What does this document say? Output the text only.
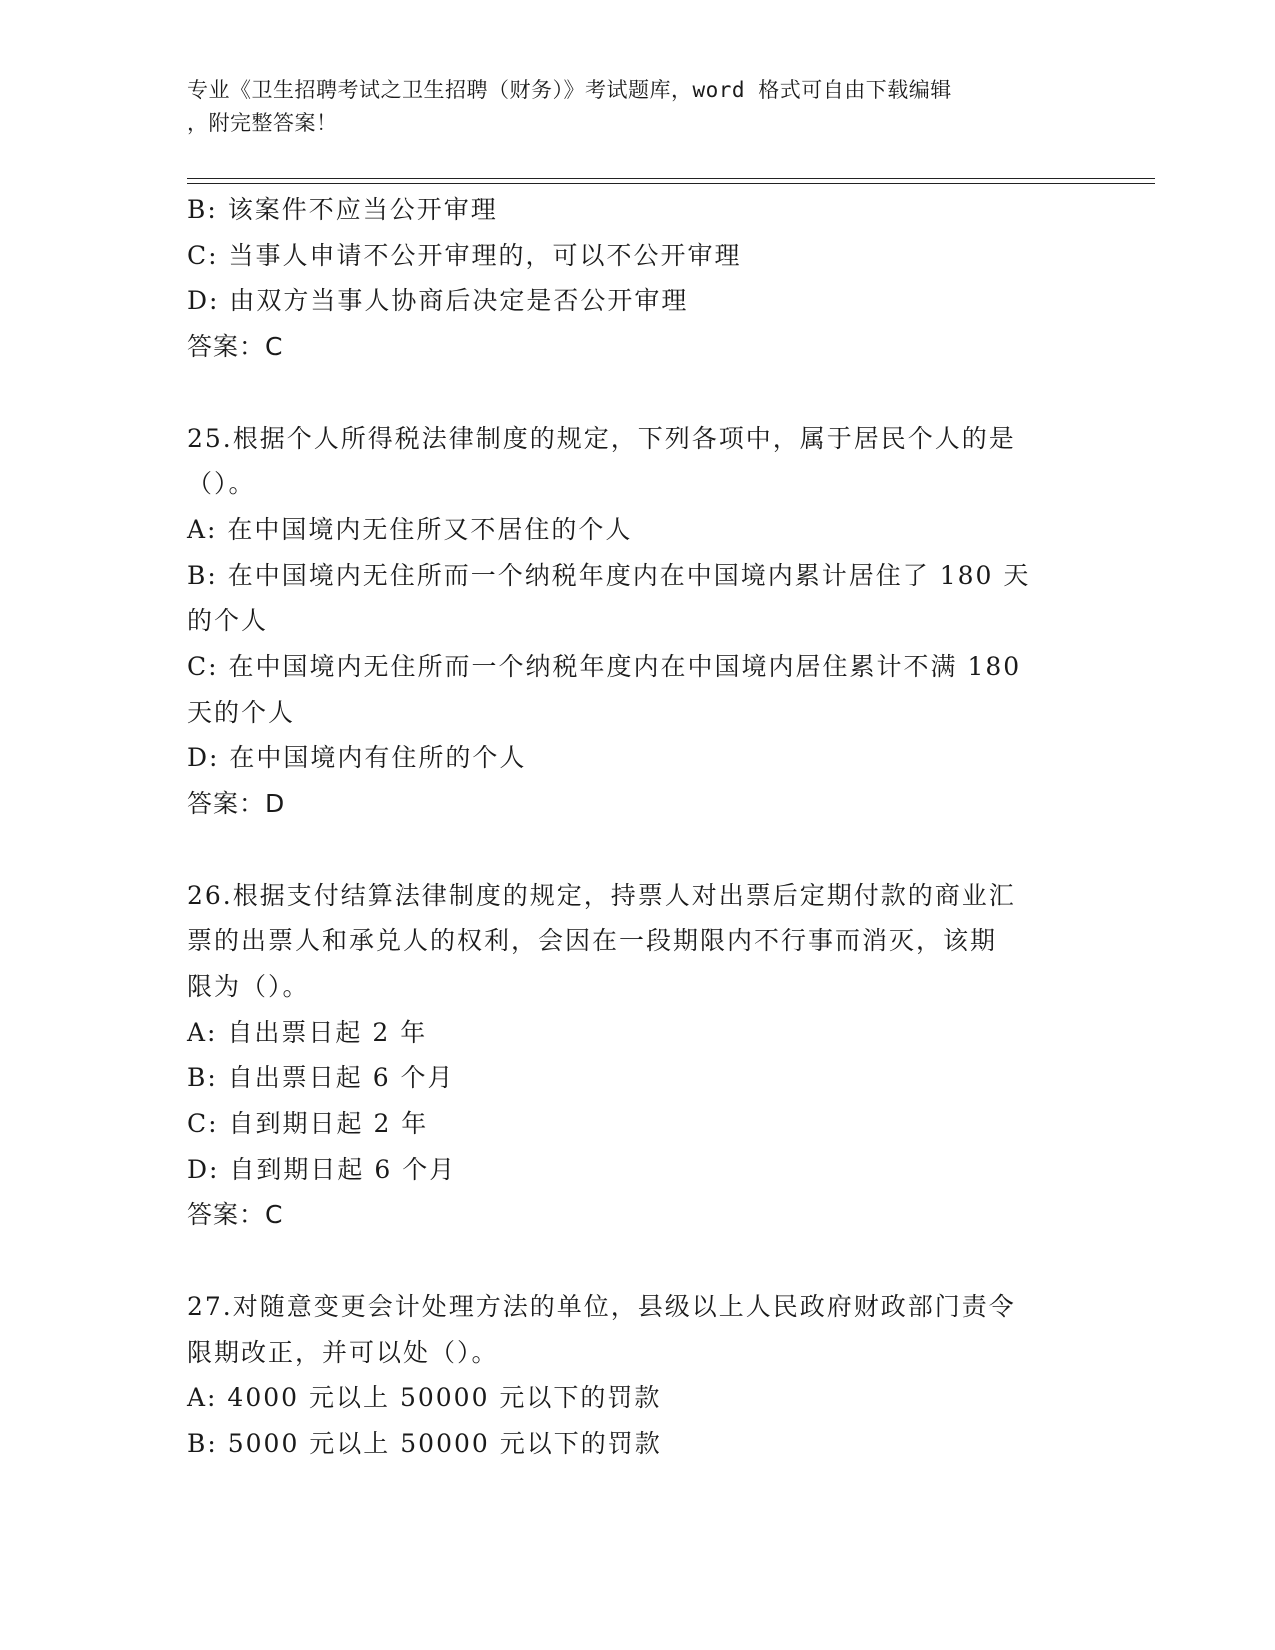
专业《卫生招聘考试之卫生招聘（财务）》考试题库，word 格式可自由下载编辑
，附完整答案！

B: 该案件不应当公开审理

C: 当事人申请不公开审理的，可以不公开审理

D: 由双方当事人协商后决定是否公开审理

答案：C

25.根据个人所得税法律制度的规定，下列各项中，属于居民个人的是

（）。

A: 在中国境内无住所又不居住的个人

B: 在中国境内无住所而一个纳税年度内在中国境内累计居住了 180 天

的个人

C: 在中国境内无住所而一个纳税年度内在中国境内居住累计不满 180

天的个人

D: 在中国境内有住所的个人

答案：D

26.根据支付结算法律制度的规定，持票人对出票后定期付款的商业汇

票的出票人和承兑人的权利，会因在一段期限内不行事而消灭，该期

限为（）。

A: 自出票日起 2 年

B: 自出票日起 6 个月

C: 自到期日起 2 年

D: 自到期日起 6 个月

答案：C

27.对随意变更会计处理方法的单位，县级以上人民政府财政部门责令

限期改正，并可以处（）。

A: 4000 元以上 50000 元以下的罚款

B: 5000 元以上 50000 元以下的罚款
